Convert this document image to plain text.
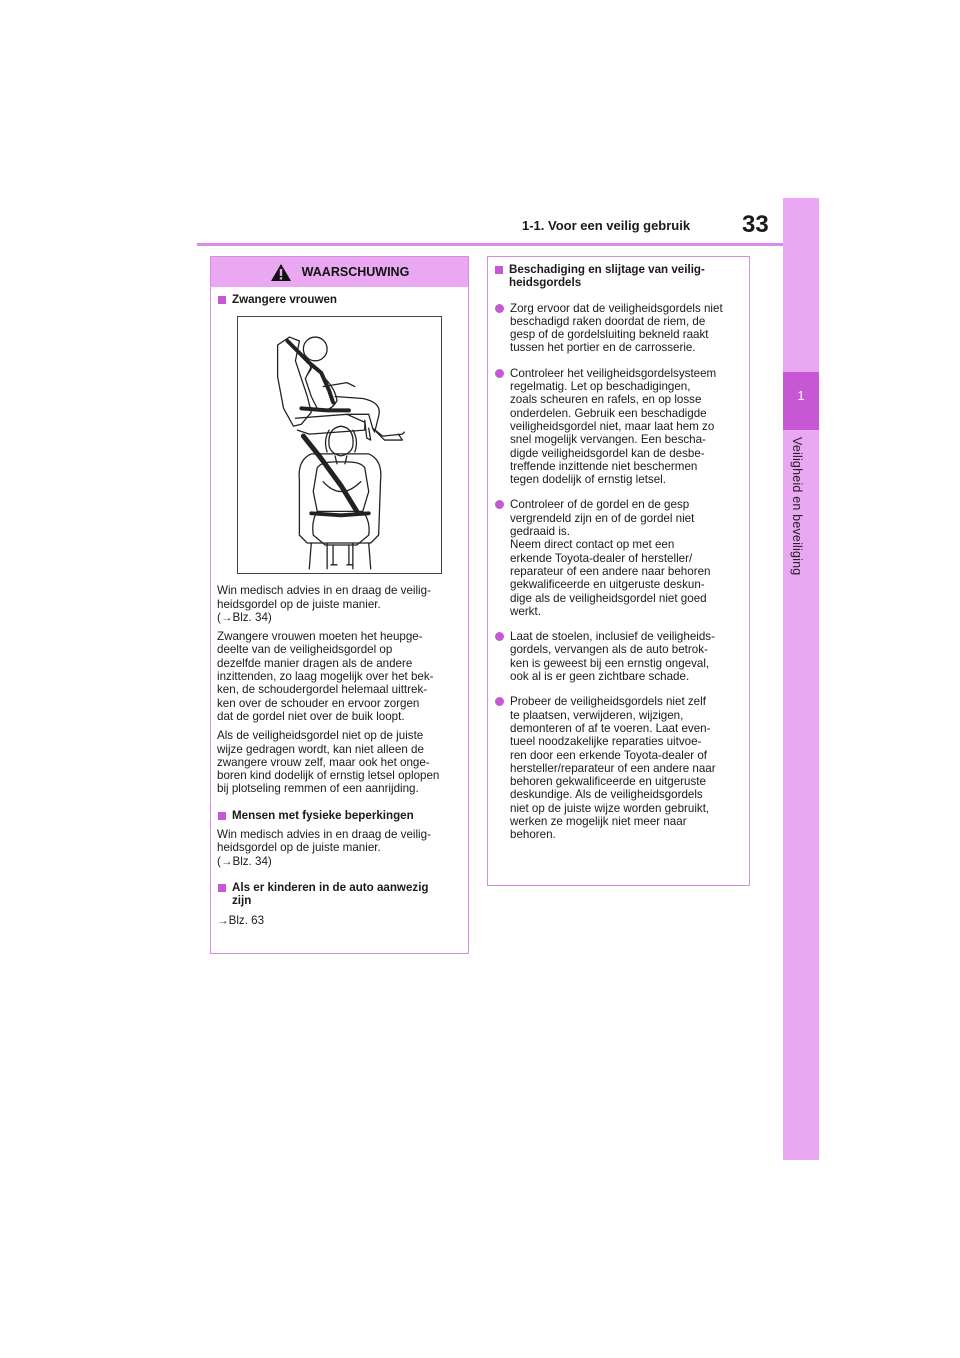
1-1. Voor een veilig gebruik 33
1
Veiligheid en beveiliging
WAARSCHUWING
Zwangere vrouwen
Win medisch advies in en draag de veilig-
heidsgordel op de juiste manier.
(→Blz. 34)
Zwangere vrouwen moeten het heupge-
deelte van de veiligheidsgordel op
dezelfde manier dragen als de andere
inzittenden, zo laag mogelijk over het bek-
ken, de schoudergordel helemaal uittrek-
ken over de schouder en ervoor zorgen
dat de gordel niet over de buik loopt.
Als de veiligheidsgordel niet op de juiste
wijze gedragen wordt, kan niet alleen de
zwangere vrouw zelf, maar ook het onge-
boren kind dodelijk of ernstig letsel oplopen
bij plotseling remmen of een aanrijding.
Mensen met fysieke beperkingen
Win medisch advies in en draag de veilig-
heidsgordel op de juiste manier.
(→Blz. 34)
Als er kinderen in de auto aanwezig
zijn
→Blz. 63
Beschadiging en slijtage van veilig-
heidsgordels
Zorg ervoor dat de veiligheidsgordels niet
beschadigd raken doordat de riem, de
gesp of de gordelsluiting bekneld raakt
tussen het portier en de carrosserie.
Controleer het veiligheidsgordelsysteem
regelmatig. Let op beschadigingen,
zoals scheuren en rafels, en op losse
onderdelen. Gebruik een beschadigde
veiligheidsgordel niet, maar laat hem zo
snel mogelijk vervangen. Een bescha-
digde veiligheidsgordel kan de desbe-
treffende inzittende niet beschermen
tegen dodelijk of ernstig letsel.
Controleer of de gordel en de gesp
vergrendeld zijn en of de gordel niet
gedraaid is.
Neem direct contact op met een
erkende Toyota-dealer of hersteller/
reparateur of een andere naar behoren
gekwalificeerde en uitgeruste deskun-
dige als de veiligheidsgordel niet goed
werkt.
Laat de stoelen, inclusief de veiligheids-
gordels, vervangen als de auto betrok-
ken is geweest bij een ernstig ongeval,
ook al is er geen zichtbare schade.
Probeer de veiligheidsgordels niet zelf
te plaatsen, verwijderen, wijzigen,
demonteren of af te voeren. Laat even-
tueel noodzakelijke reparaties uitvoe-
ren door een erkende Toyota-dealer of
hersteller/reparateur of een andere naar
behoren gekwalificeerde en uitgeruste
deskundige. Als de veiligheidsgordels
niet op de juiste wijze worden gebruikt,
werken ze mogelijk niet meer naar
behoren.
